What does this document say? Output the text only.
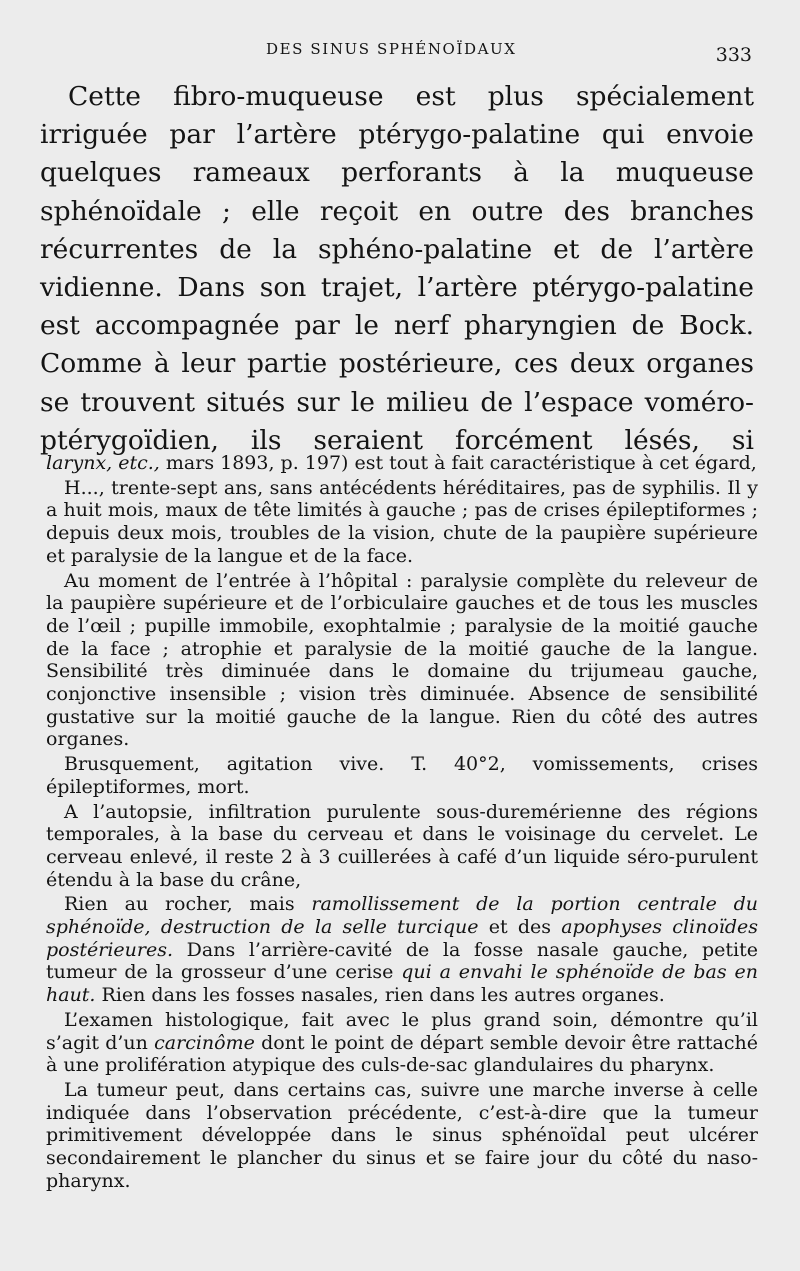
DES SINUS SPHÉNOÏDAUX	333

Cette fibro-muqueuse est plus spécialement irriguée par l’artère ptérygo-palatine qui envoie quelques rameaux perforants à la muqueuse sphénoïdale ; elle reçoit en outre des branches récurrentes de la sphéno-palatine et de l’artère vidienne. Dans son trajet, l’artère ptérygo-palatine est accompagnée par le nerf pharyngien de Bock. Comme à leur partie postérieure, ces deux organes se trouvent situés sur le milieu de l’espace voméro-ptérygoïdien, ils seraient forcément lésés, si

larynx, etc., mars 1893, p. 197) est tout à fait caractéristique à cet égard,

H..., trente-sept ans, sans antécédents héréditaires, pas de syphilis. Il y a huit mois, maux de tête limités à gauche ; pas de crises épileptiformes ; depuis deux mois, troubles de la vision, chute de la paupière supérieure et paralysie de la langue et de la face.

Au moment de l’entrée à l’hôpital : paralysie complète du releveur de la paupière supérieure et de l’orbiculaire gauches et de tous les muscles de l’œil ; pupille immobile, exophtalmie ; paralysie de la moitié gauche de la face ; atrophie et paralysie de la moitié gauche de la langue. Sensibilité très diminuée dans le domaine du trijumeau gauche, conjonctive insensible ; vision très diminuée. Absence de sensibilité gustative sur la moitié gauche de la langue. Rien du côté des autres organes.

Brusquement, agitation vive. T. 40°2, vomissements, crises épileptiformes, mort.

A l’autopsie, infiltration purulente sous-duremérienne des régions temporales, à la base du cerveau et dans le voisinage du cervelet. Le cerveau enlevé, il reste 2 à 3 cuillerées à café d’un liquide séro-purulent étendu à la base du crâne,

Rien au rocher, mais ramollissement de la portion centrale du sphénoïde, destruction de la selle turcique et des apophyses clinoïdes postérieures. Dans l’arrière-cavité de la fosse nasale gauche, petite tumeur de la grosseur d’une cerise qui a envahi le sphénoïde de bas en haut. Rien dans les fosses nasales, rien dans les autres organes.

L’examen histologique, fait avec le plus grand soin, démontre qu’il s’agit d’un carcinôme dont le point de départ semble devoir être rattaché à une prolifération atypique des culs-de-sac glandulaires du pharynx.

La tumeur peut, dans certains cas, suivre une marche inverse à celle indiquée dans l’observation précédente, c’est-à-dire que la tumeur primitivement développée dans le sinus sphénoïdal peut ulcérer secondairement le plancher du sinus et se faire jour du côté du naso-pharynx.
